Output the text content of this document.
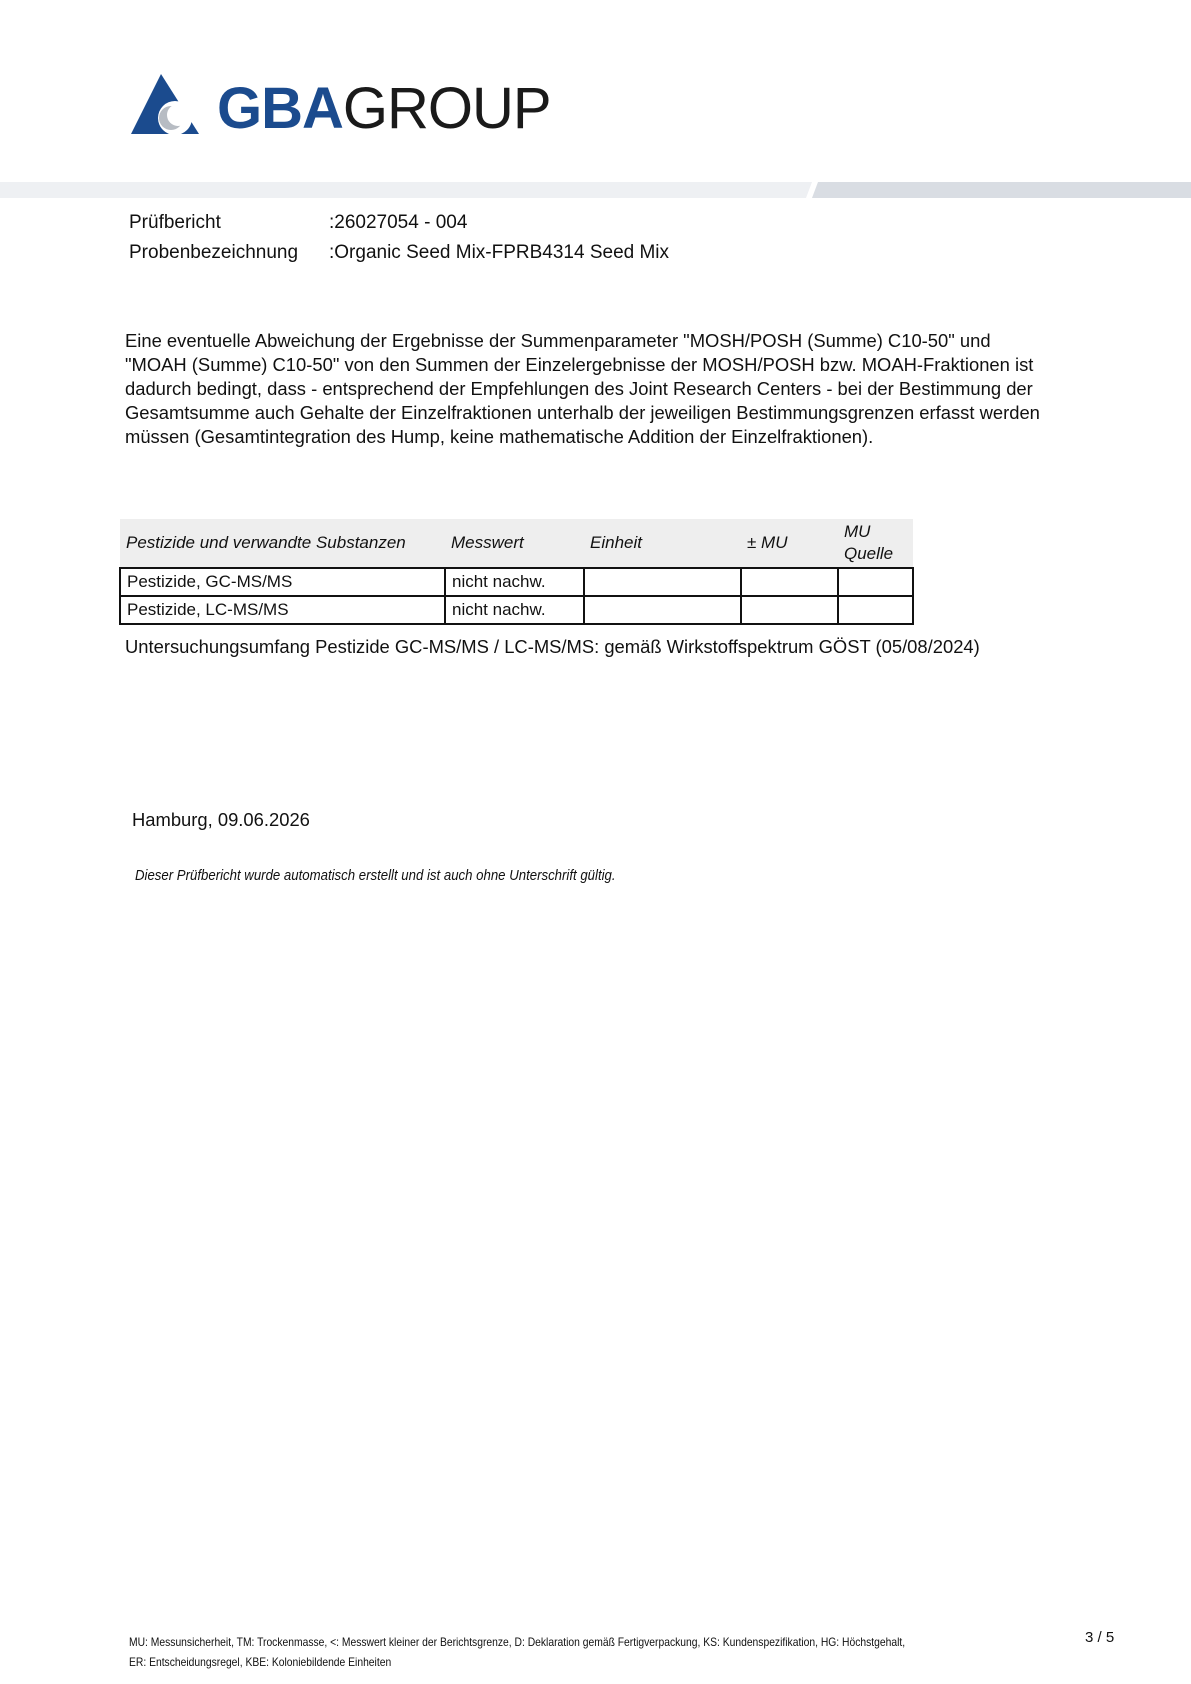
GBAGROUP
Prüfbericht	:26027054 - 004
Probenbezeichnung	:Organic Seed Mix-FPRB4314 Seed Mix
Eine eventuelle Abweichung der Ergebnisse der Summenparameter "MOSH/POSH (Summe) C10-50" und "MOAH (Summe) C10-50" von den Summen der Einzelergebnisse der MOSH/POSH bzw. MOAH-Fraktionen ist dadurch bedingt, dass - entsprechend der Empfehlungen des Joint Research Centers - bei der Bestimmung der Gesamtsumme auch Gehalte der Einzelfraktionen unterhalb der jeweiligen Bestimmungsgrenzen erfasst werden müssen (Gesamtintegration des Hump, keine mathematische Addition der Einzelfraktionen).
Pestizide und verwandte Substanzen	Messwert	Einheit	± MU	MU Quelle
Pestizide, GC-MS/MS	nicht nachw.			
Pestizide, LC-MS/MS	nicht nachw.			
Untersuchungsumfang Pestizide GC-MS/MS / LC-MS/MS: gemäß Wirkstoffspektrum GÖST (05/08/2024)
Hamburg, 09.06.2026
Dieser Prüfbericht wurde automatisch erstellt und ist auch ohne Unterschrift gültig.
MU: Messunsicherheit, TM: Trockenmasse, <: Messwert kleiner der Berichtsgrenze, D: Deklaration gemäß Fertigverpackung, KS: Kundenspezifikation, HG: Höchstgehalt,
ER: Entscheidungsregel, KBE: Koloniebildende Einheiten
3 / 5
